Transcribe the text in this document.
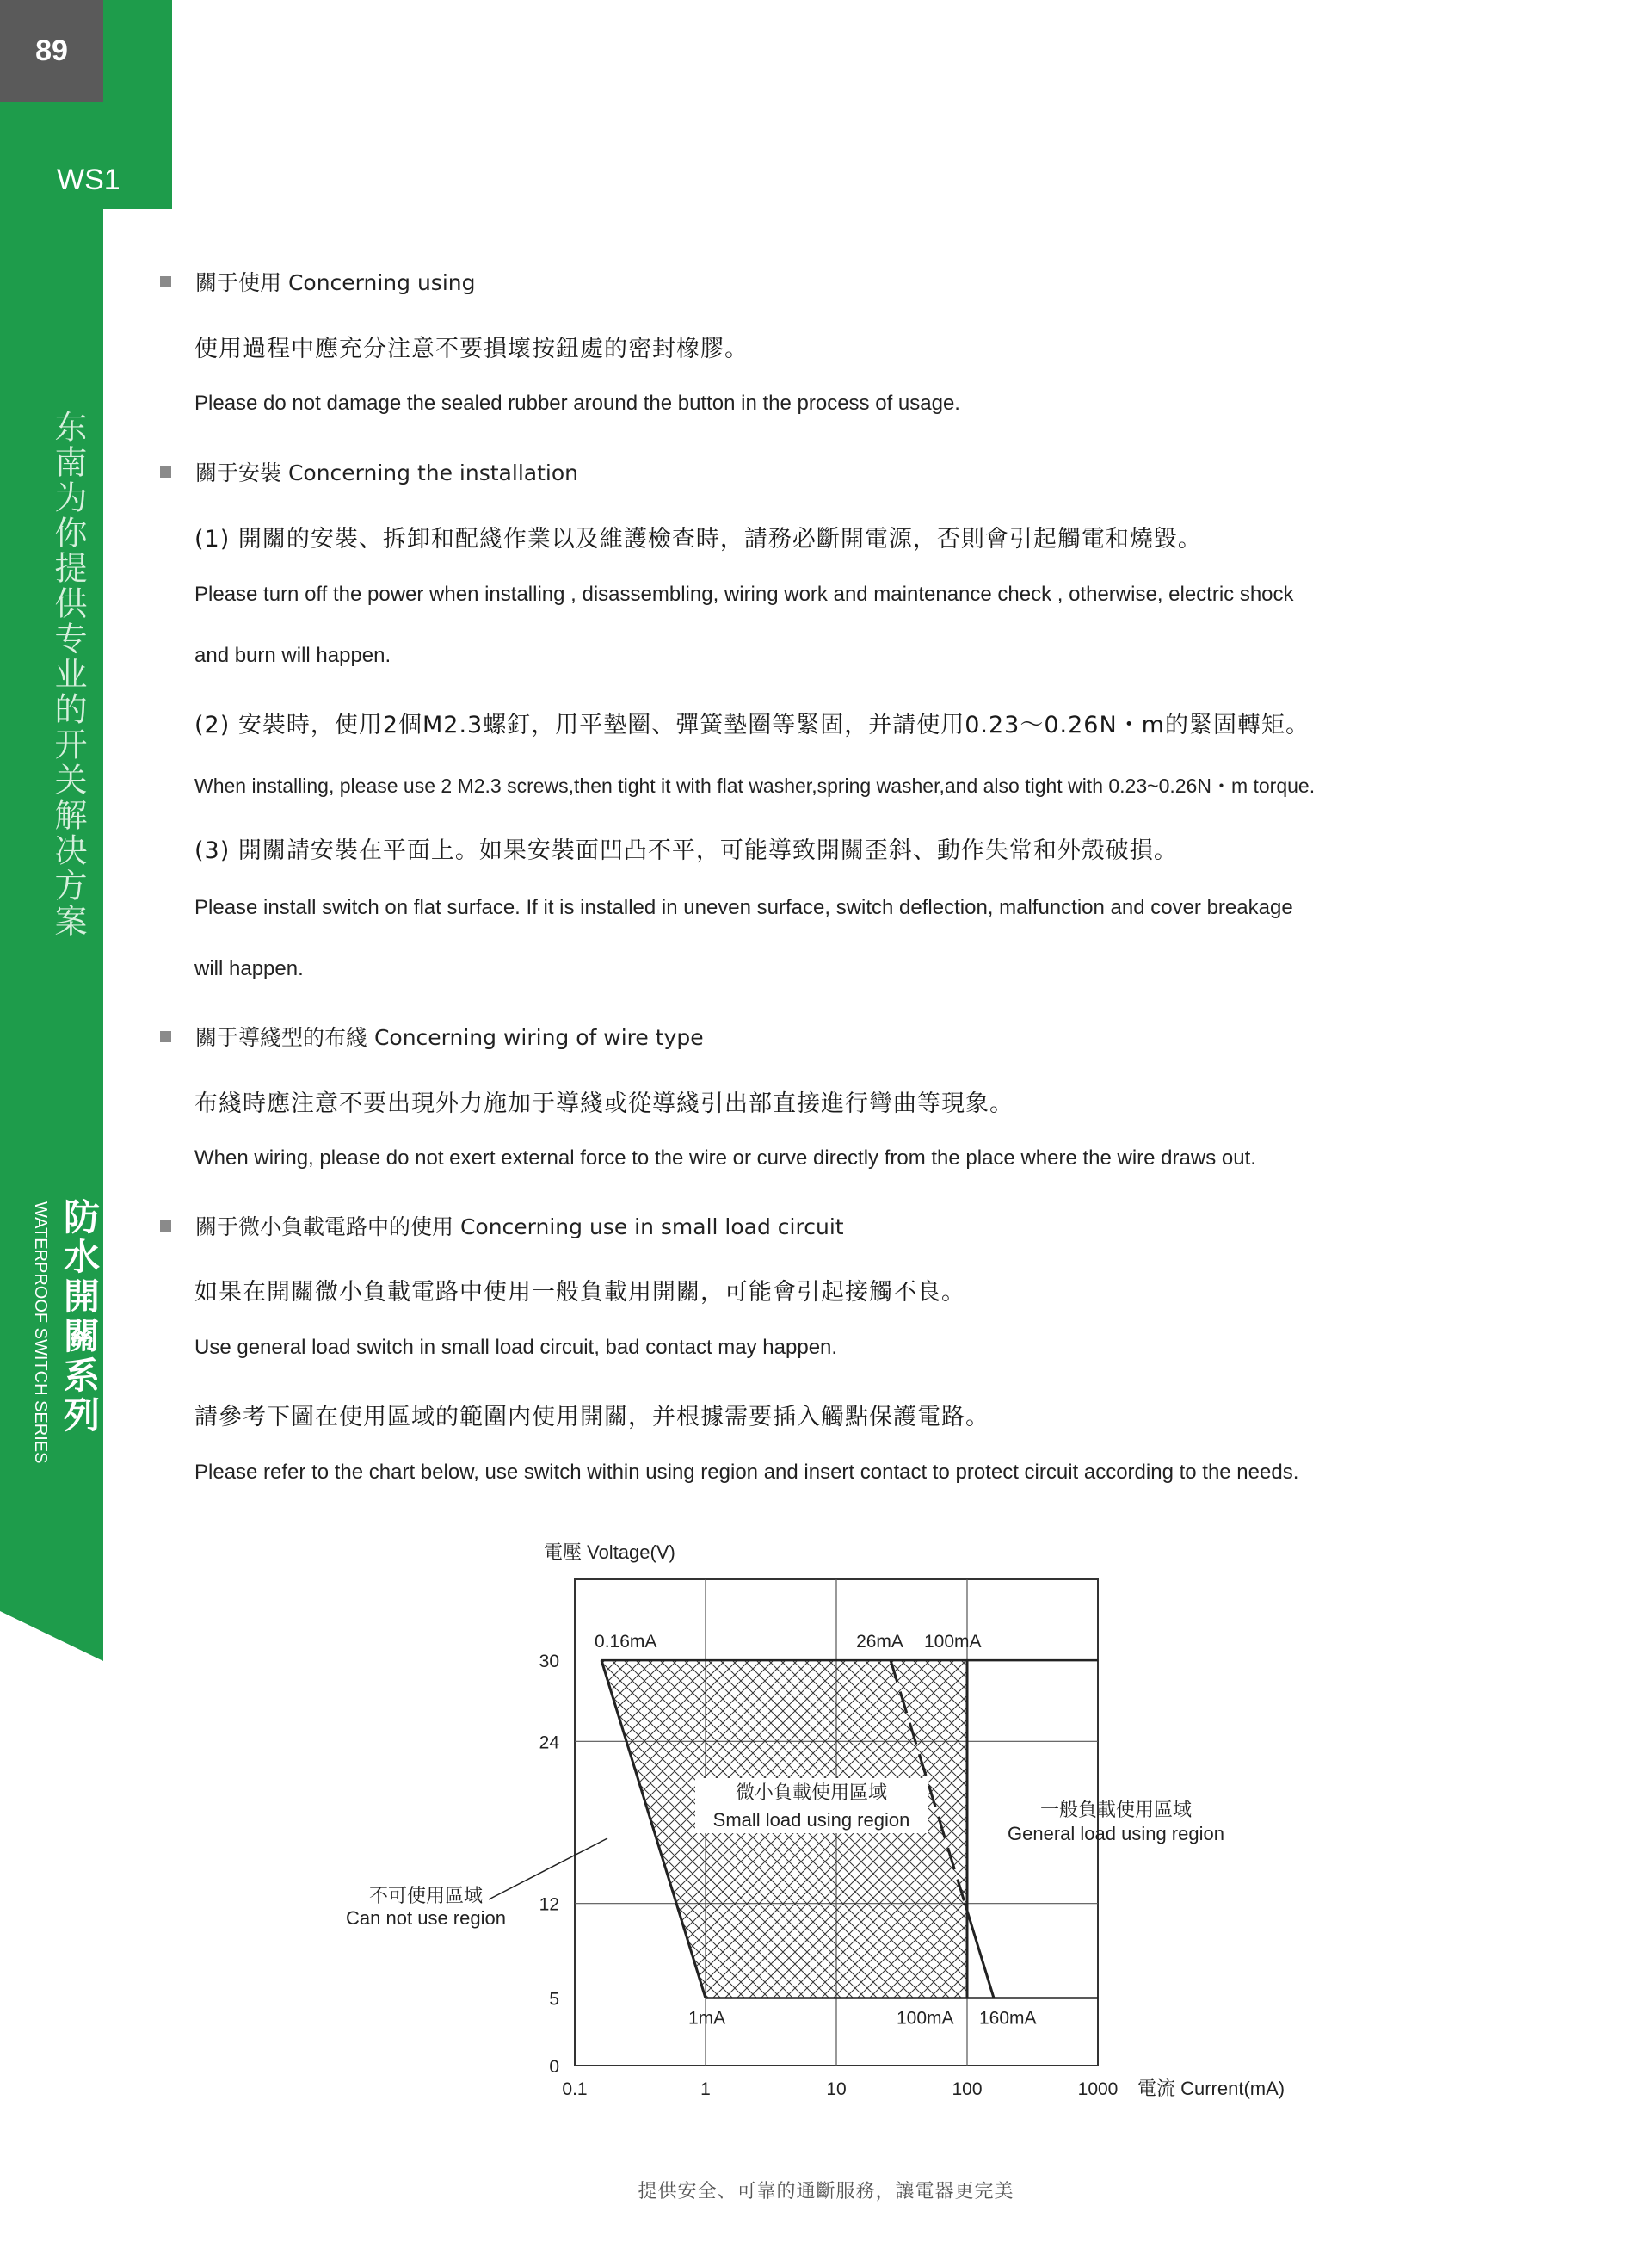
89
WS1
东南为你提供专业的开关解决方案
防水開關系列
WATERPROOF SWITCH SERIES
關于使用 Concerning using
使用過程中應充分注意不要損壞按鈕處的密封橡膠。
Please do not damage the sealed rubber around the button in the process of usage.
關于安裝 Concerning the installation
(1) 開關的安裝、拆卸和配綫作業以及維護檢查時，請務必斷開電源，否則會引起觸電和燒毀。
Please turn off the power when installing , disassembling, wiring work and maintenance check , otherwise, electric shock
and burn will happen.
(2) 安裝時，使用2個M2.3螺釘，用平墊圈、彈簧墊圈等緊固，并請使用0.23～0.26N・m的緊固轉矩。
When installing, please use 2 M2.3 screws,then tight it with flat washer,spring washer,and also tight with 0.23~0.26N・m torque.
(3) 開關請安裝在平面上。如果安裝面凹凸不平，可能導致開關歪斜、動作失常和外殼破損。
Please install switch on flat surface. If it is installed in uneven surface, switch deflection, malfunction and cover breakage
will happen.
關于導綫型的布綫 Concerning wiring of wire type
布綫時應注意不要出現外力施加于導綫或從導綫引出部直接進行彎曲等現象。
When wiring, please do not exert external force to the wire or curve directly from the place where the wire draws out.
關于微小負載電路中的使用 Concerning use in small load circuit
如果在開關微小負載電路中使用一般負載用開關，可能會引起接觸不良。
Use general load switch in small load circuit, bad contact may happen.
請參考下圖在使用區域的範圍内使用開關，并根據需要插入觸點保護電路。
Please refer to the chart below, use switch within using region and insert contact to protect circuit according to the needs.
電壓 Voltage(V)
0.1	1	10	100	1000
0
5
12
24
30
電流 Current(mA)
0.16mA	26mA 100mA
1mA	100mA 160mA
微小負載使用區域
Small load using region	一般負載使用區域
General load using region
不可使用區域
Can not use region
提供安全、可靠的通斷服務，讓電器更完美
